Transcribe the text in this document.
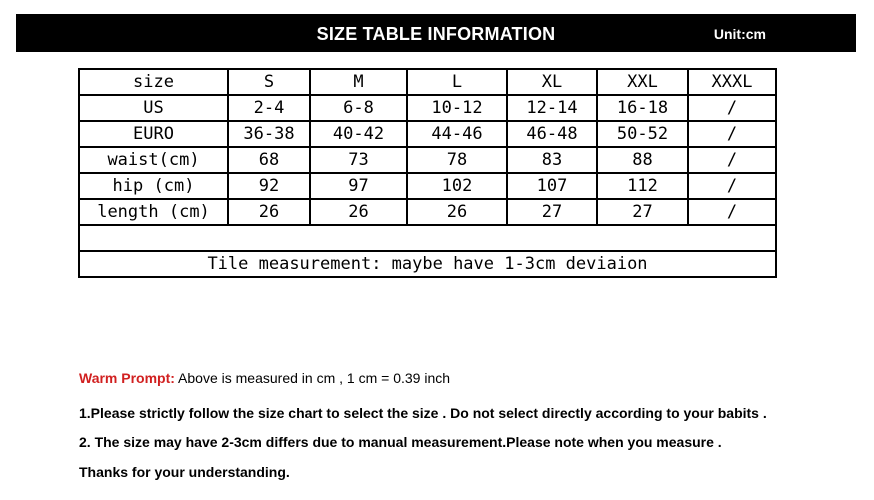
SIZE TABLE INFORMATION	Unit:cm
size	S	M	L	XL	XXL	XXXL
US	2-4	6-8	10-12	12-14	16-18	/
EURO	36-38	40-42	44-46	46-48	50-52	/
waist(cm)	68	73	78	83	88	/
hip (cm)	92	97	102	107	112	/
length (cm)	26	26	26	27	27	/

Tile measurement: maybe have 1-3cm deviaion						
Warm Prompt: Above is measured in cm , 1 cm = 0.39 inch
1.Please strictly follow the size chart to select the size . Do not select directly according to your babits .
2. The size may have 2-3cm differs due to manual measurement.Please note when you measure .
Thanks for your understanding.
